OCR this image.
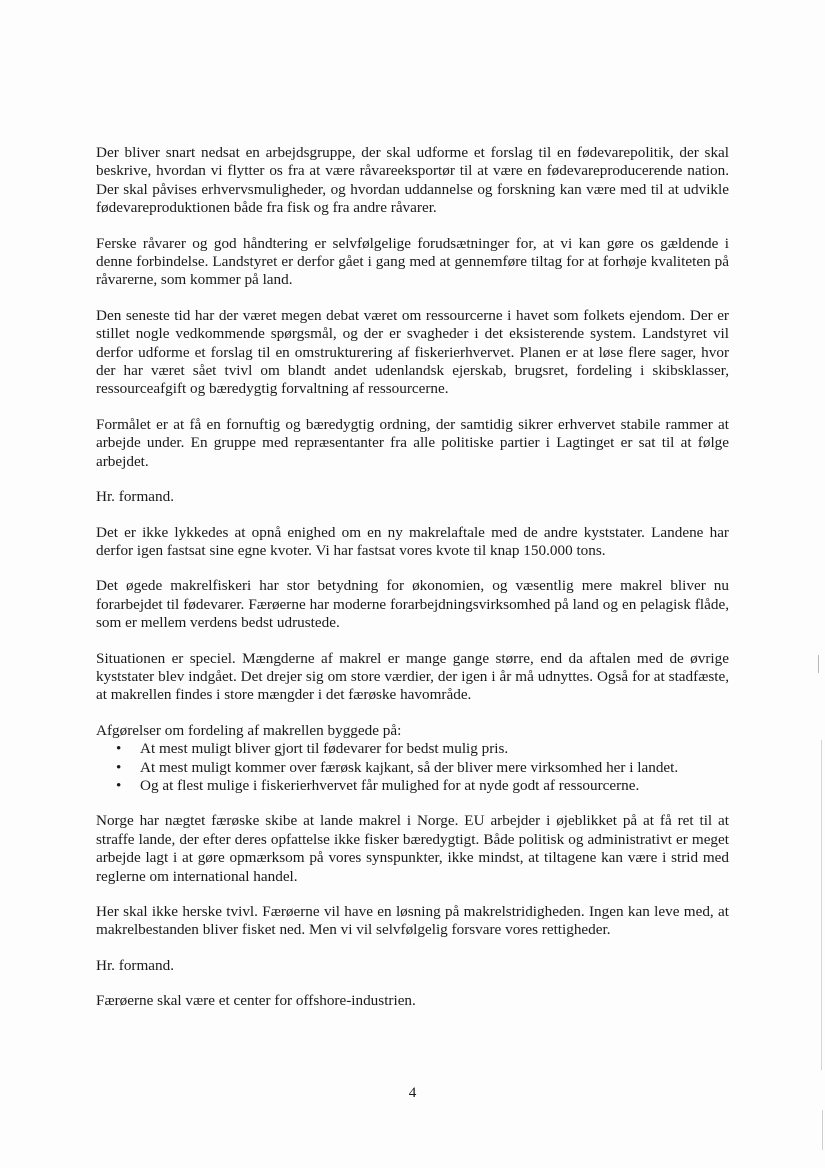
Der bliver snart nedsat en arbejdsgruppe, der skal udforme et forslag til en fødevarepolitik, der skal beskrive, hvordan vi flytter os fra at være råvareeksportør til at være en fødevareproducerende nation. Der skal påvises erhvervsmuligheder, og hvordan uddannelse og forskning kan være med til at udvikle fødevareproduktionen både fra fisk og fra andre råvarer.

Ferske råvarer og god håndtering er selvfølgelige forudsætninger for, at vi kan gøre os gældende i denne forbindelse. Landstyret er derfor gået i gang med at gennemføre tiltag for at forhøje kvaliteten på råvarerne, som kommer på land.

Den seneste tid har der været megen debat været om ressourcerne i havet som folkets ejendom. Der er stillet nogle vedkommende spørgsmål, og der er svagheder i det eksisterende system. Landstyret vil derfor udforme et forslag til en omstrukturering af fiskerierhvervet. Planen er at løse flere sager, hvor der har været sået tvivl om blandt andet udenlandsk ejerskab, brugsret, fordeling i skibsklasser, ressourceafgift og bæredygtig forvaltning af ressourcerne.

Formålet er at få en fornuftig og bæredygtig ordning, der samtidig sikrer erhvervet stabile rammer at arbejde under. En gruppe med repræsentanter fra alle politiske partier i Lagtinget er sat til at følge arbejdet.

Hr. formand.

Det er ikke lykkedes at opnå enighed om en ny makrelaftale med de andre kyststater. Landene har derfor igen fastsat sine egne kvoter. Vi har fastsat vores kvote til knap 150.000 tons.

Det øgede makrelfiskeri har stor betydning for økonomien, og væsentlig mere makrel bliver nu forarbejdet til fødevarer. Færøerne har moderne forarbejdningsvirksomhed på land og en pelagisk flåde, som er mellem verdens bedst udrustede.

Situationen er speciel. Mængderne af makrel er mange gange større, end da aftalen med de øvrige kyststater blev indgået. Det drejer sig om store værdier, der igen i år må udnyttes. Også for at stadfæste, at makrellen findes i store mængder i det færøske havområde.

Afgørelser om fordeling af makrellen byggede på:

• At mest muligt bliver gjort til fødevarer for bedst mulig pris.
• At mest muligt kommer over færøsk kajkant, så der bliver mere virksomhed her i landet.
• Og at flest mulige i fiskerierhvervet får mulighed for at nyde godt af ressourcerne.

Norge har nægtet færøske skibe at lande makrel i Norge. EU arbejder i øjeblikket på at få ret til at straffe lande, der efter deres opfattelse ikke fisker bæredygtigt. Både politisk og administrativt er meget arbejde lagt i at gøre opmærksom på vores synspunkter, ikke mindst, at tiltagene kan være i strid med reglerne om international handel.

Her skal ikke herske tvivl. Færøerne vil have en løsning på makrelstridigheden. Ingen kan leve med, at makrelbestanden bliver fisket ned. Men vi vil selvfølgelig forsvare vores rettigheder.

Hr. formand.

Færøerne skal være et center for offshore-industrien.

4
